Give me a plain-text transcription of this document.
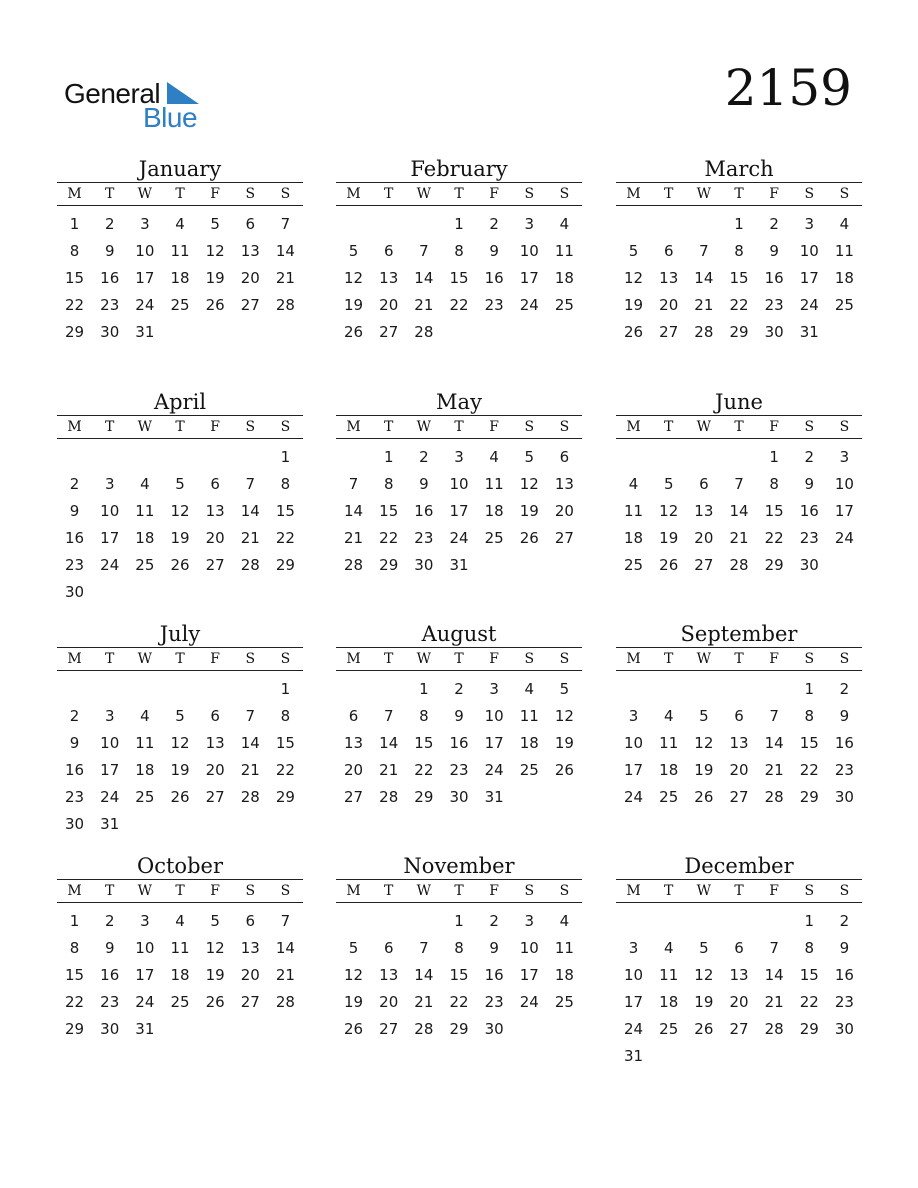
General
Blue
2159
January
M	T	W	T	F	S	S
1	2	3	4	5	6	7
8	9	10	11	12	13	14
15	16	17	18	19	20	21
22	23	24	25	26	27	28
29	30	31				
February
M	T	W	T	F	S	S
			1	2	3	4
5	6	7	8	9	10	11
12	13	14	15	16	17	18
19	20	21	22	23	24	25
26	27	28				
March
M	T	W	T	F	S	S
			1	2	3	4
5	6	7	8	9	10	11
12	13	14	15	16	17	18
19	20	21	22	23	24	25
26	27	28	29	30	31	
April
M	T	W	T	F	S	S
						1
2	3	4	5	6	7	8
9	10	11	12	13	14	15
16	17	18	19	20	21	22
23	24	25	26	27	28	29
30						
May
M	T	W	T	F	S	S
	1	2	3	4	5	6
7	8	9	10	11	12	13
14	15	16	17	18	19	20
21	22	23	24	25	26	27
28	29	30	31			
June
M	T	W	T	F	S	S
				1	2	3
4	5	6	7	8	9	10
11	12	13	14	15	16	17
18	19	20	21	22	23	24
25	26	27	28	29	30	
July
M	T	W	T	F	S	S
						1
2	3	4	5	6	7	8
9	10	11	12	13	14	15
16	17	18	19	20	21	22
23	24	25	26	27	28	29
30	31					
August
M	T	W	T	F	S	S
		1	2	3	4	5
6	7	8	9	10	11	12
13	14	15	16	17	18	19
20	21	22	23	24	25	26
27	28	29	30	31		
September
M	T	W	T	F	S	S
					1	2
3	4	5	6	7	8	9
10	11	12	13	14	15	16
17	18	19	20	21	22	23
24	25	26	27	28	29	30
October
M	T	W	T	F	S	S
1	2	3	4	5	6	7
8	9	10	11	12	13	14
15	16	17	18	19	20	21
22	23	24	25	26	27	28
29	30	31				
November
M	T	W	T	F	S	S
			1	2	3	4
5	6	7	8	9	10	11
12	13	14	15	16	17	18
19	20	21	22	23	24	25
26	27	28	29	30		
December
M	T	W	T	F	S	S
					1	2
3	4	5	6	7	8	9
10	11	12	13	14	15	16
17	18	19	20	21	22	23
24	25	26	27	28	29	30
31						
